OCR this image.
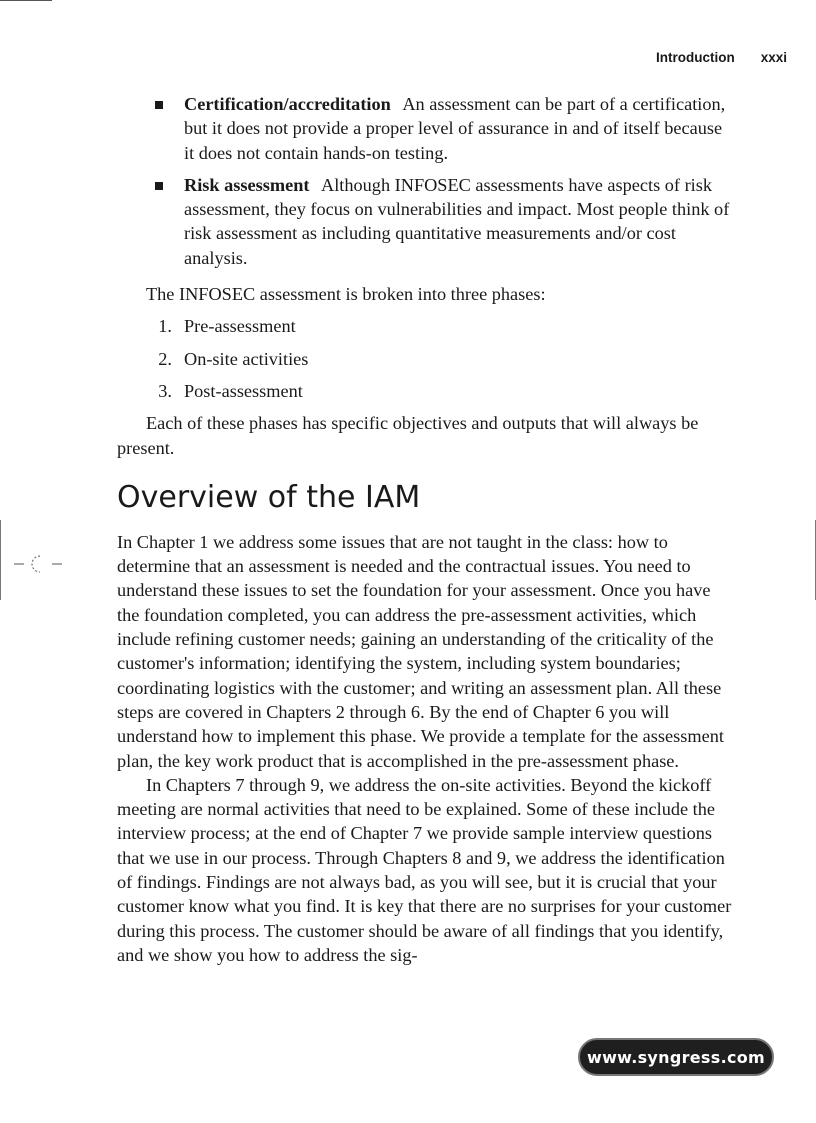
Introduction xxxi
Certification/accreditation An assessment can be part of a certification, but it does not provide a proper level of assurance in and of itself because it does not contain hands-on testing.
Risk assessment Although INFOSEC assessments have aspects of risk assessment, they focus on vulnerabilities and impact. Most people think of risk assessment as including quantitative measurements and/or cost analysis.

The INFOSEC assessment is broken into three phases:

1. Pre-assessment
2. On-site activities
3. Post-assessment

Each of these phases has specific objectives and outputs that will always be present.

Overview of the IAM

In Chapter 1 we address some issues that are not taught in the class: how to determine that an assessment is needed and the contractual issues. You need to understand these issues to set the foundation for your assessment. Once you have the foundation completed, you can address the pre-assessment activities, which include refining customer needs; gaining an understanding of the criticality of the customer's information; identifying the system, including system boundaries; coordinating logistics with the customer; and writing an assessment plan. All these steps are covered in Chapters 2 through 6. By the end of Chapter 6 you will understand how to implement this phase. We provide a template for the assessment plan, the key work product that is accomplished in the pre-assessment phase.

In Chapters 7 through 9, we address the on-site activities. Beyond the kickoff meeting are normal activities that need to be explained. Some of these include the interview process; at the end of Chapter 7 we provide sample interview questions that we use in our process. Through Chapters 8 and 9, we address the identification of findings. Findings are not always bad, as you will see, but it is crucial that your customer know what you find. It is key that there are no surprises for your customer during this process. The customer should be aware of all findings that you identify, and we show you how to address the sig-

www.syngress.com
